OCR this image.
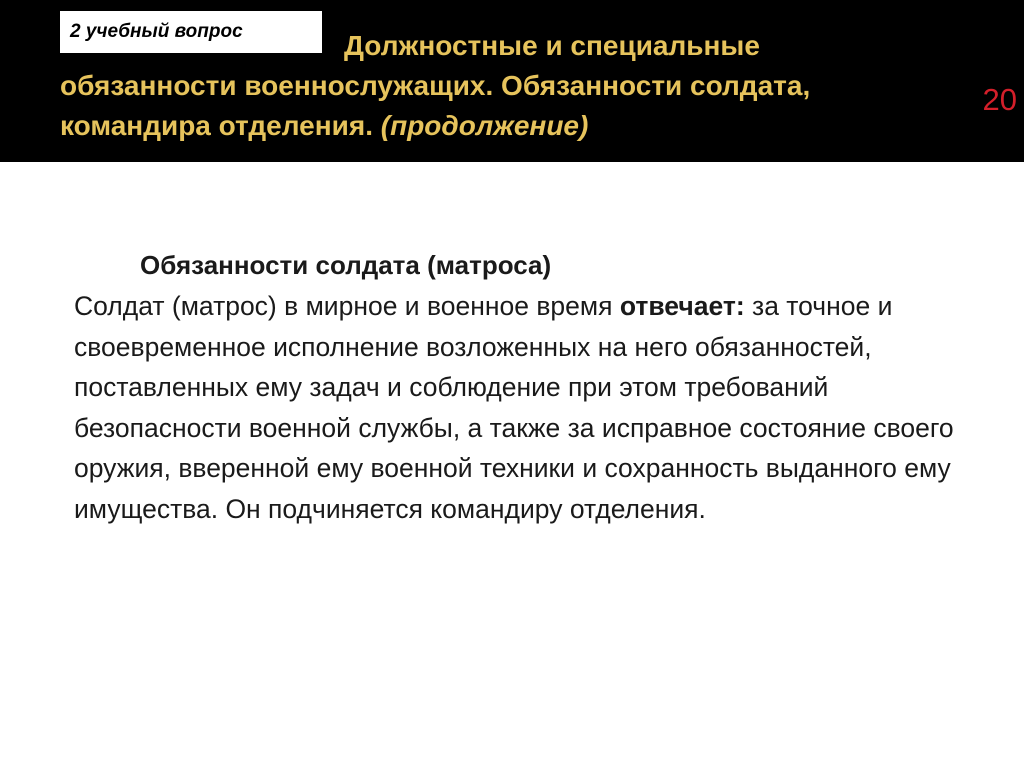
2 учебный вопрос	Должностные и специальные обязанности военнослужащих. Обязанности солдата, командира отделения. (продолжение)
20
Обязанности солдата (матроса)
Солдат (матрос) в мирное и военное время отвечает: за точное и своевременное исполнение возложенных на него обязанностей, поставленных ему задач и соблюдение при этом требований безопасности военной службы, а также за исправное состояние своего оружия, вверенной ему военной техники и сохранность выданного ему имущества. Он подчиняется командиру отделения.
